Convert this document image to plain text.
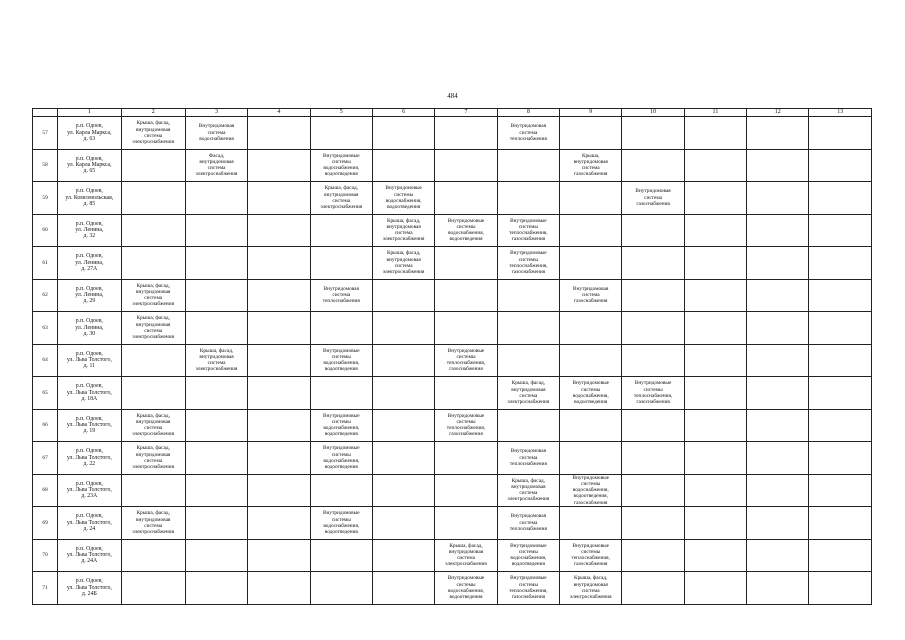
484
	1	2	3	4	5	6	7	8	9	10	11	12	13
57	р.п. Одоев,
ул. Карла Маркса,
д. 63	Крыша, фасад,
внутридомовая
система
электроснабжения	Внутридомовая
система
водоснабжения					Внутридомовая
система
теплоснабжения					
58	р.п. Одоев,
ул. Карла Маркса,
д. 65		Фасад,
внутридомовая
система
электроснабжения		Внутридомовые
системы
водоснабжения,
водоотведения				Крыша,
внутридомовая
система
газоснабжения				
59	р.п. Одоев,
ул. Комсомольская,
д. 85				Крыша, фасад,
внутридомовая
система
электроснабжения	Внутридомовые
системы
водоснабжения,
водоотведения				Внутридомовая
система
газоснабжения			
60	р.п. Одоев,
ул. Ленина,
д. 32					Крыша, фасад,
внутридомовая
система
электроснабжения	Внутридомовые
системы
водоснабжения,
водоотведения	Внутридомовые
системы
теплоснабжения,
газоснабжения					
61	р.п. Одоев,
ул. Ленина,
д. 27А					Крыша, фасад,
внутридомовая
система
электроснабжения		Внутридомовые
системы
теплоснабжения,
газоснабжения					
62	р.п. Одоев,
ул. Ленина,
д. 29	Крыша, фасад,
внутридомовая
система
электроснабжения			Внутридомовая
система
теплоснабжения				Внутридомовая
система
газоснабжения				
63	р.п. Одоев,
ул. Ленина,
д. 30	Крыша, фасад,
внутридомовая
система
электроснабжения											
64	р.п. Одоев,
ул. Льва Толстого,
д. 11		Крыша, фасад,
внутридомовая
система
электроснабжения		Внутридомовые
системы
водоснабжения,
водоотведения		Внутридомовые
системы
теплоснабжения,
газоснабжения						
65	р.п. Одоев,
ул. Льва Толстого,
д. 18А							Крыша, фасад,
внутридомовая
система
электроснабжения	Внутридомовые
системы
водоснабжения,
водоотведения	Внутридомовые
системы
теплоснабжения,
газоснабжения			
66	р.п. Одоев,
ул. Льва Толстого,
д. 19	Крыша, фасад,
внутридомовая
система
электроснабжения			Внутридомовые
системы
водоснабжения,
водоотведения		Внутридомовые
системы
теплоснабжения,
газоснабжения						
67	р.п. Одоев,
ул. Льва Толстого,
д. 22	Крыша, фасад,
внутридомовая
система
электроснабжения			Внутридомовые
системы
водоснабжения,
водоотведения			Внутридомовая
система
теплоснабжения					
68	р.п. Одоев,
ул. Льва Толстого,
д. 23А							Крыша, фасад,
внутридомовая
система
электроснабжения	Внутридомовые
системы
водоснабжения,
водоотведения,
газоснабжения				
69	р.п. Одоев,
ул. Льва Толстого,
д. 24	Крыша, фасад,
внутридомовая
система
электроснабжения			Внутридомовые
системы
водоснабжения,
водоотведения			Внутридомовая
система
теплоснабжения					
70	р.п. Одоев,
ул. Льва Толстого,
д. 24А						Крыша, фасад,
внутридомовая
система
электроснабжения	Внутридомовые
системы
водоснабжения,
водоотведения	Внутридомовые
системы
теплоснабжения,
газоснабжения				
71	р.п. Одоев,
ул. Льва Толстого,
д. 24Б						Внутридомовые
системы
водоснабжения,
водоотведения	Внутридомовые
системы
теплоснабжения,
газоснабжения	Крыша, фасад,
внутридомовая
система
электроснабжения				
